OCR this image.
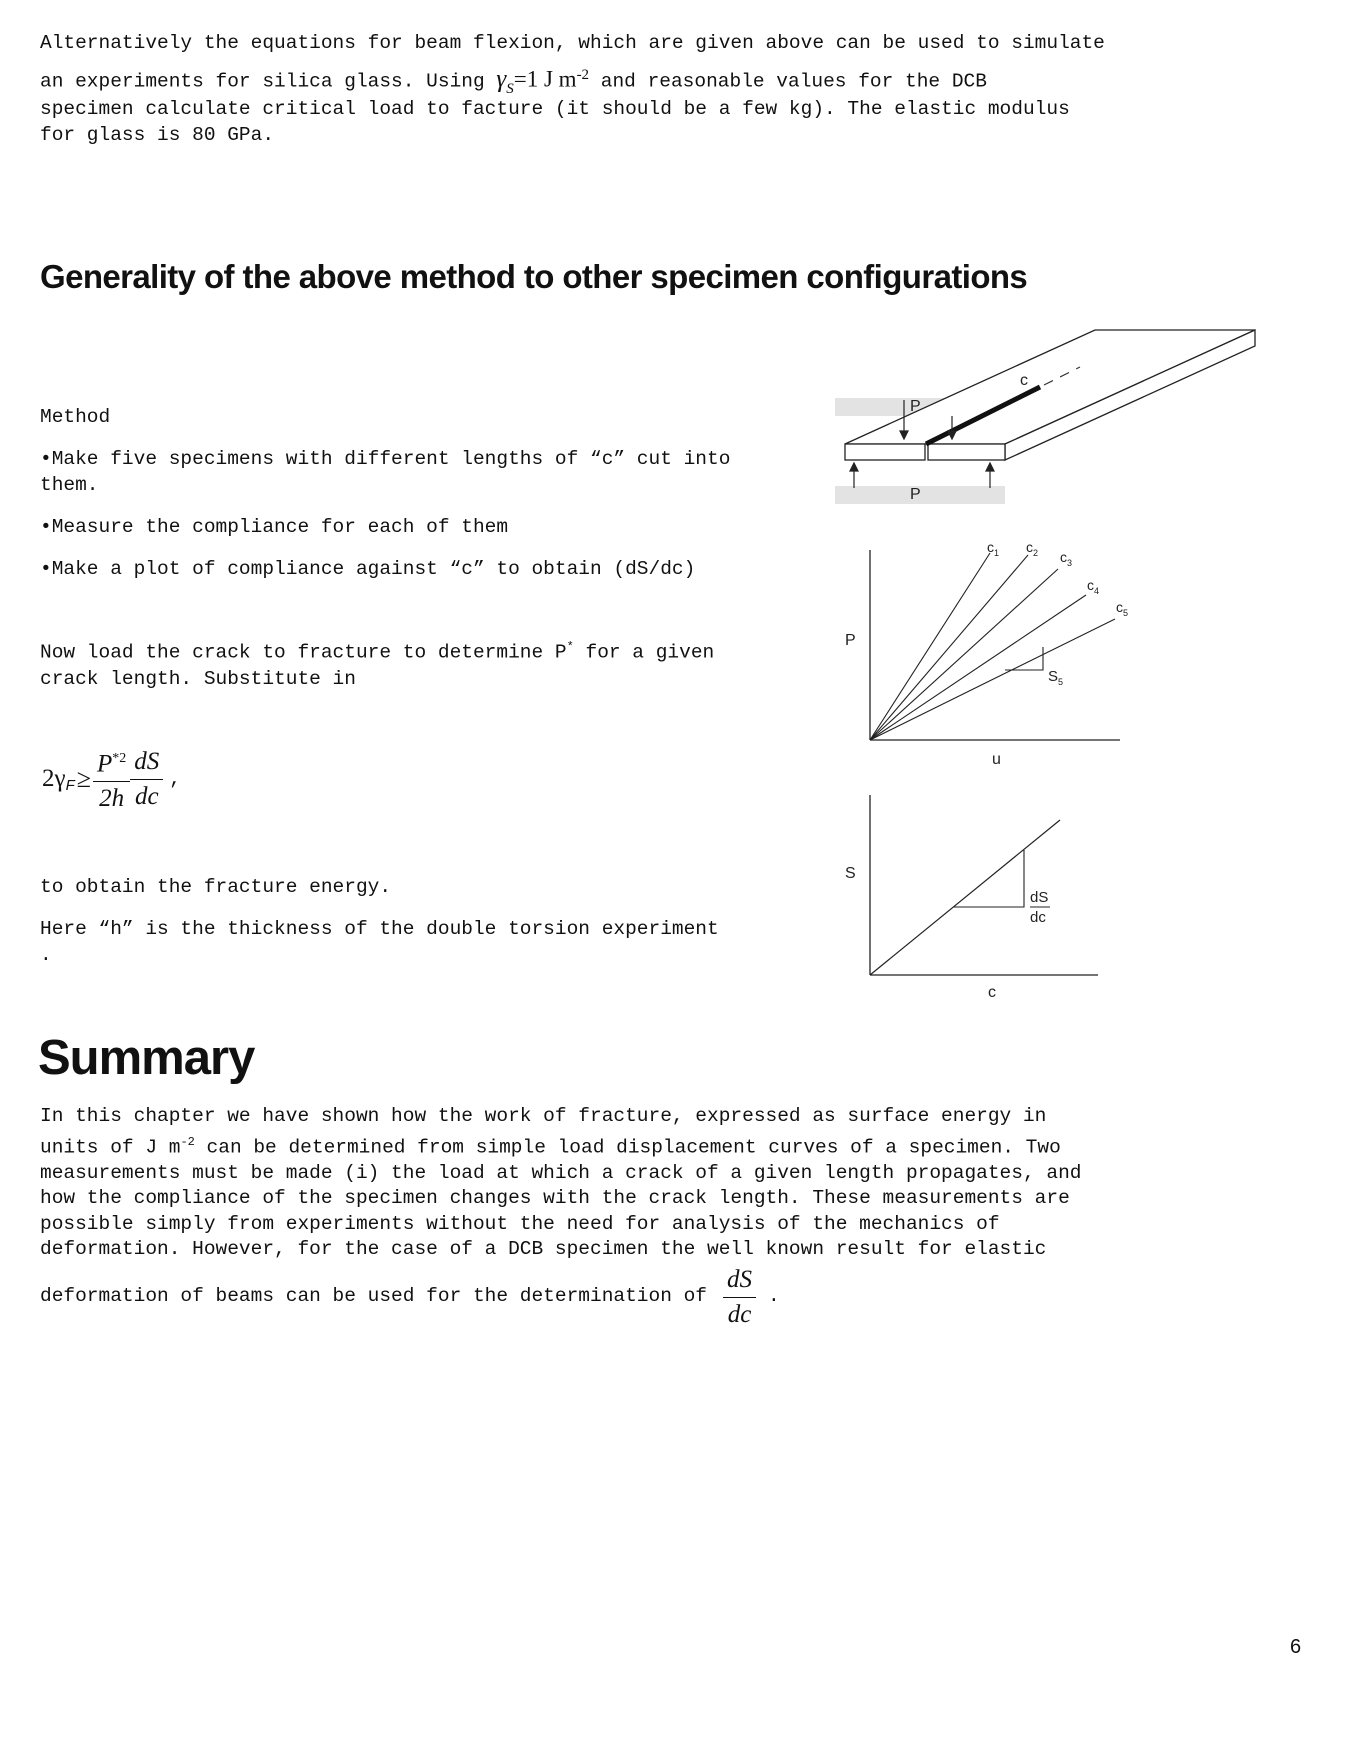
Alternatively the equations for beam flexion, which are given above can be used to simulate

an experiments for silica glass. Using $\gamma_S=1$ J $m^{-2}$ and reasonable values for the DCB

specimen calculate critical load to facture (it should be a few kg). The elastic modulus

for glass is 80 GPa.

Generality of the above method to other specimen configurations

Method

•Make five specimens with different lengths of “c” cut into them.

•Measure the compliance for each of them

•Make a plot of compliance against “c” to obtain (dS/dc)

Now load the crack to fracture to determine P* for a given crack length. Substitute in

2γ $F \ge \frac{P^{*2}}{2h} \frac{dS}{dc}$ ,

to obtain the fracture energy.

Here “h” is the thickness of the double torsion experiment .

c
P
P
$c_1$ $c_2$ $c_3$
$c_4$
$c_5$
$S_5$
P
u
dS
dc
S
c
Summary

In this chapter we have shown how the work of fracture, expressed as surface energy in

units of J $m^{-2}$ can be determined from simple load displacement curves of a specimen. Two

measurements must be made (i) the load at which a crack of a given length propagates, and

how the compliance of the specimen changes with the crack length. These measurements are

possible simply from experiments without the need for analysis of the mechanics of

deformation. However, for the case of a DCB specimen the well known result for elastic

deformation of beams can be used for the determination of $\frac{dS}{dc}$ .

6
